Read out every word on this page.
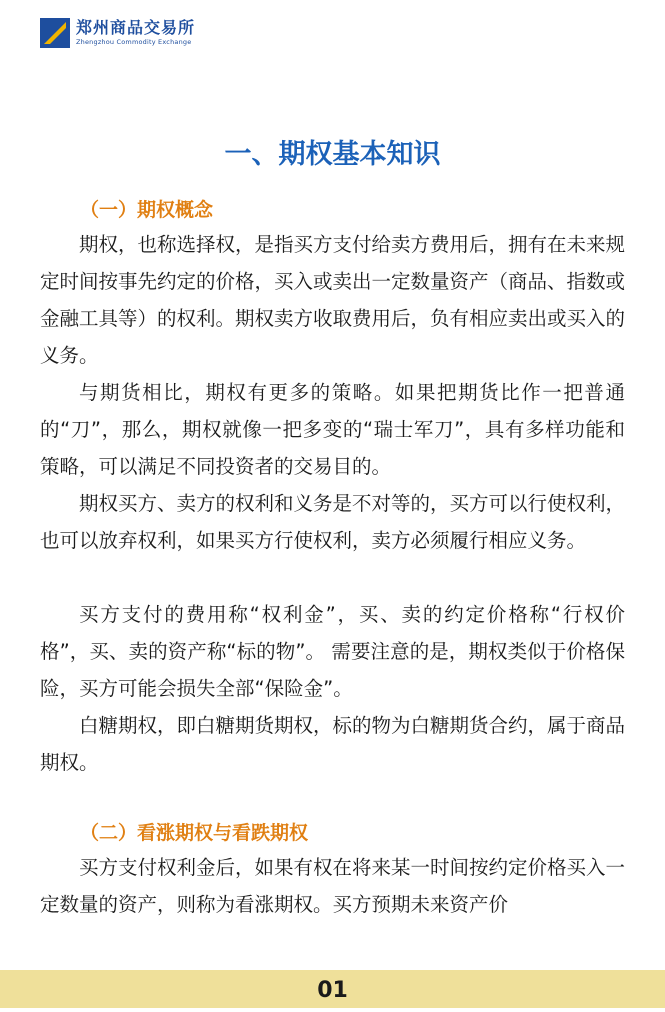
郑州商品交易所
Zhengzhou Commodity Exchange
一、期权基本知识
（一）期权概念

期权，也称选择权，是指买方支付给卖方费用后，拥有在未来规定时间按事先约定的价格，买入或卖出一定数量资产（商品、指数或金融工具等）的权利。期权卖方收取费用后，负有相应卖出或买入的义务。

与期货相比，期权有更多的策略。如果把期货比作一把普通的“刀”，那么，期权就像一把多变的“瑞士军刀”，具有多样功能和策略，可以满足不同投资者的交易目的。

期权买方、卖方的权利和义务是不对等的，买方可以行使权利，也可以放弃权利，如果买方行使权利，卖方必须履行相应义务。

买方支付的费用称“权利金”，买、卖的约定价格称“行权价格”，买、卖的资产称“标的物”。 需要注意的是，期权类似于价格保险，买方可能会损失全部“保险金”。

白糖期权，即白糖期货期权，标的物为白糖期货合约，属于商品期权。

（二）看涨期权与看跌期权

买方支付权利金后，如果有权在将来某一时间按约定价格买入一定数量的资产，则称为看涨期权。买方预期未来资产价

01
